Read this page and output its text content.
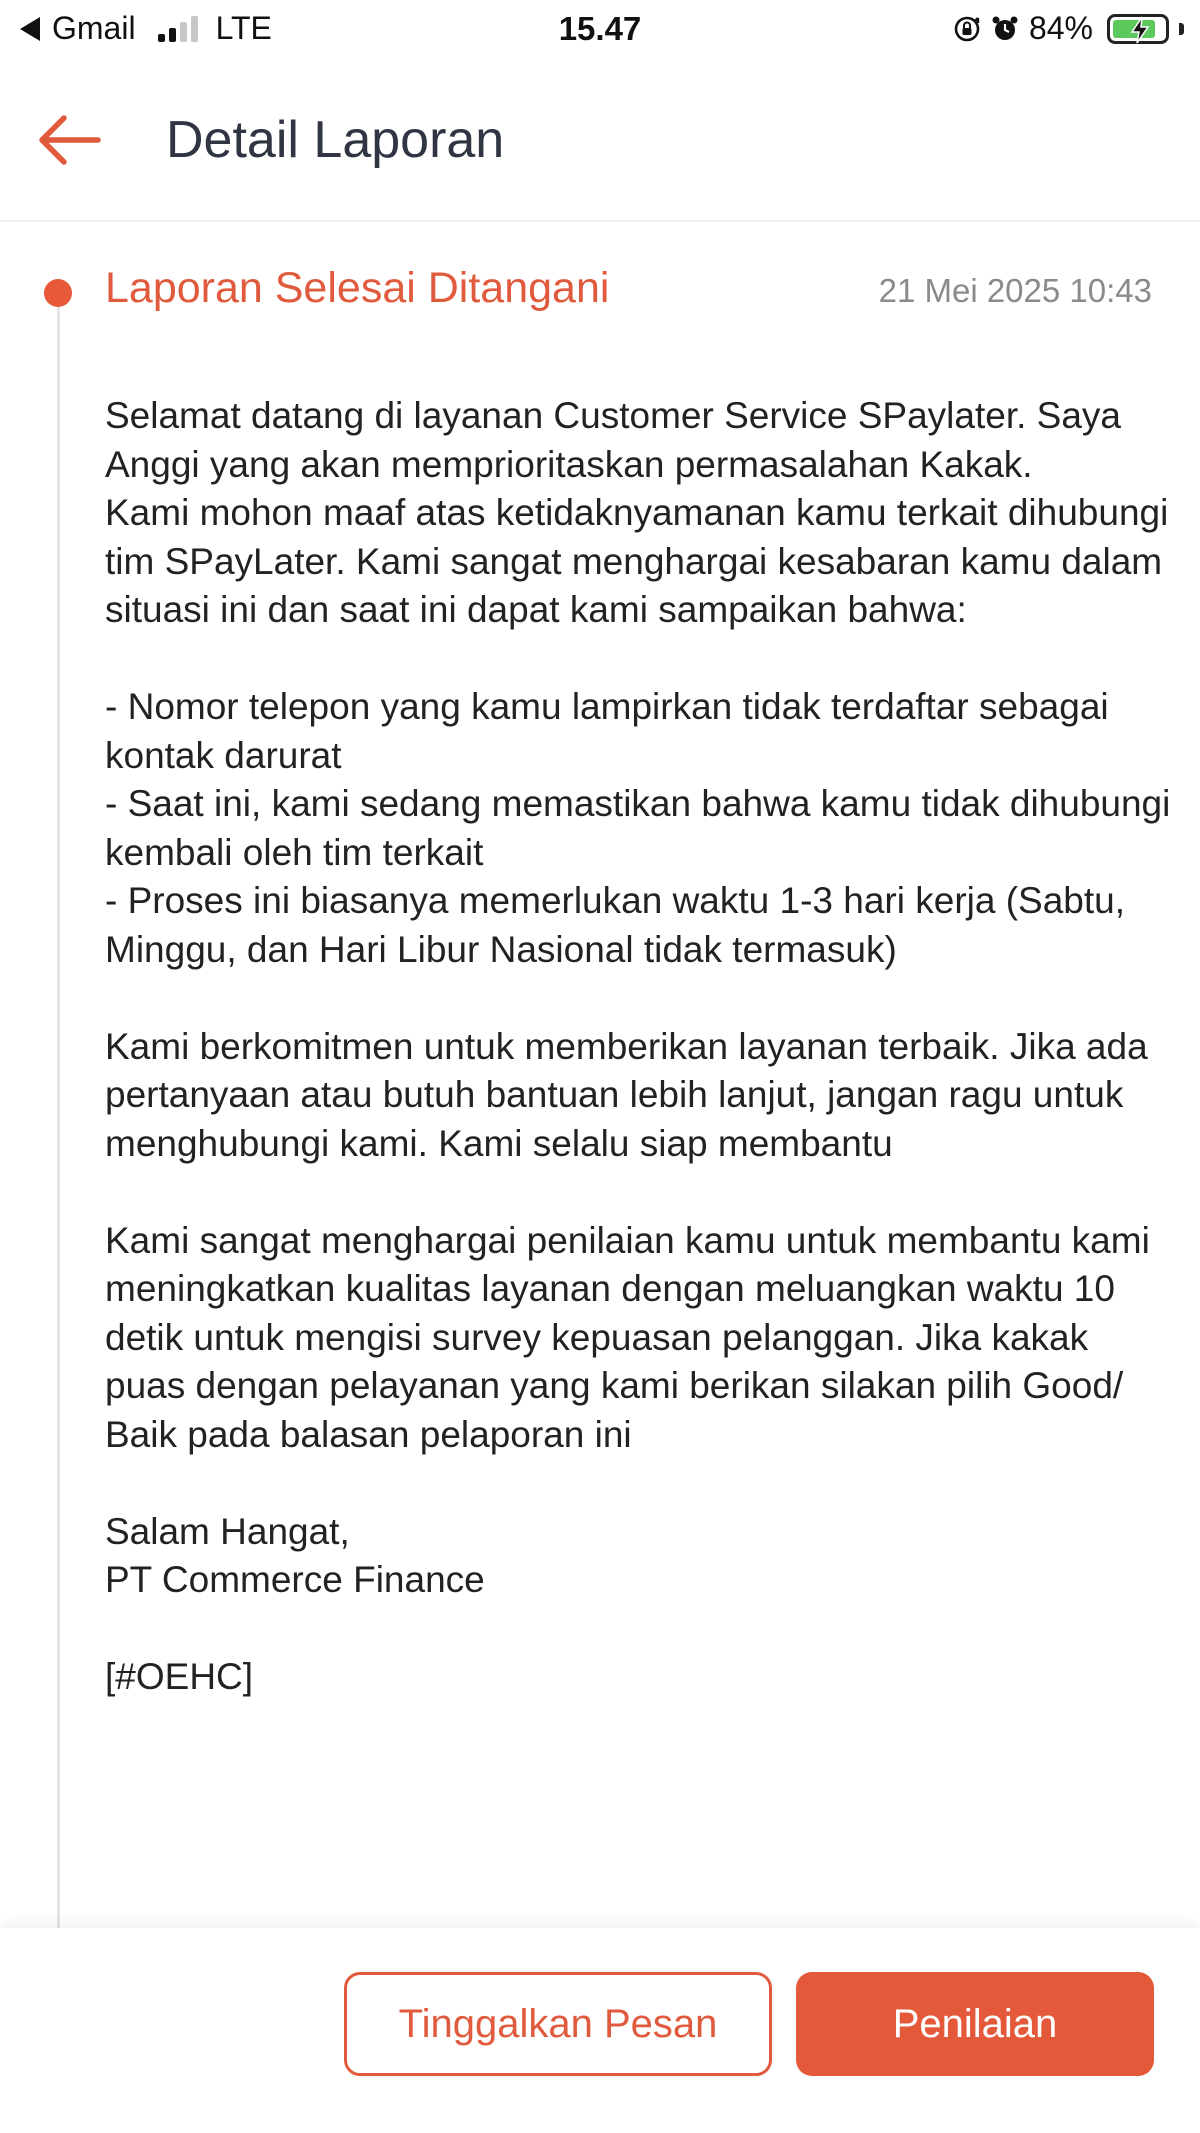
Gmail	LTE	15.47	84%
Detail Laporan
Laporan Selesai Ditangani	21 Mei 2025 10:43
Selamat datang di layanan Customer Service SPaylater. Saya Anggi yang akan memprioritaskan permasalahan Kakak.
Kami mohon maaf atas ketidaknyamanan kamu terkait dihubungi tim SPayLater. Kami sangat menghargai kesabaran kamu dalam situasi ini dan saat ini dapat kami sampaikan bahwa:

- Nomor telepon yang kamu lampirkan tidak terdaftar sebagai kontak darurat
- Saat ini, kami sedang memastikan bahwa kamu tidak dihubungi kembali oleh tim terkait
- Proses ini biasanya memerlukan waktu 1-3 hari kerja (Sabtu, Minggu, dan Hari Libur Nasional tidak termasuk)

Kami berkomitmen untuk memberikan layanan terbaik. Jika ada pertanyaan atau butuh bantuan lebih lanjut, jangan ragu untuk menghubungi kami. Kami selalu siap membantu

Kami sangat menghargai penilaian kamu untuk membantu kami meningkatkan kualitas layanan dengan meluangkan waktu 10 detik untuk mengisi survey kepuasan pelanggan. Jika kakak puas dengan pelayanan yang kami berikan silakan pilih Good/ Baik pada balasan pelaporan ini

Salam Hangat,
PT Commerce Finance

[#OEHC]
Tinggalkan Pesan	Penilaian
